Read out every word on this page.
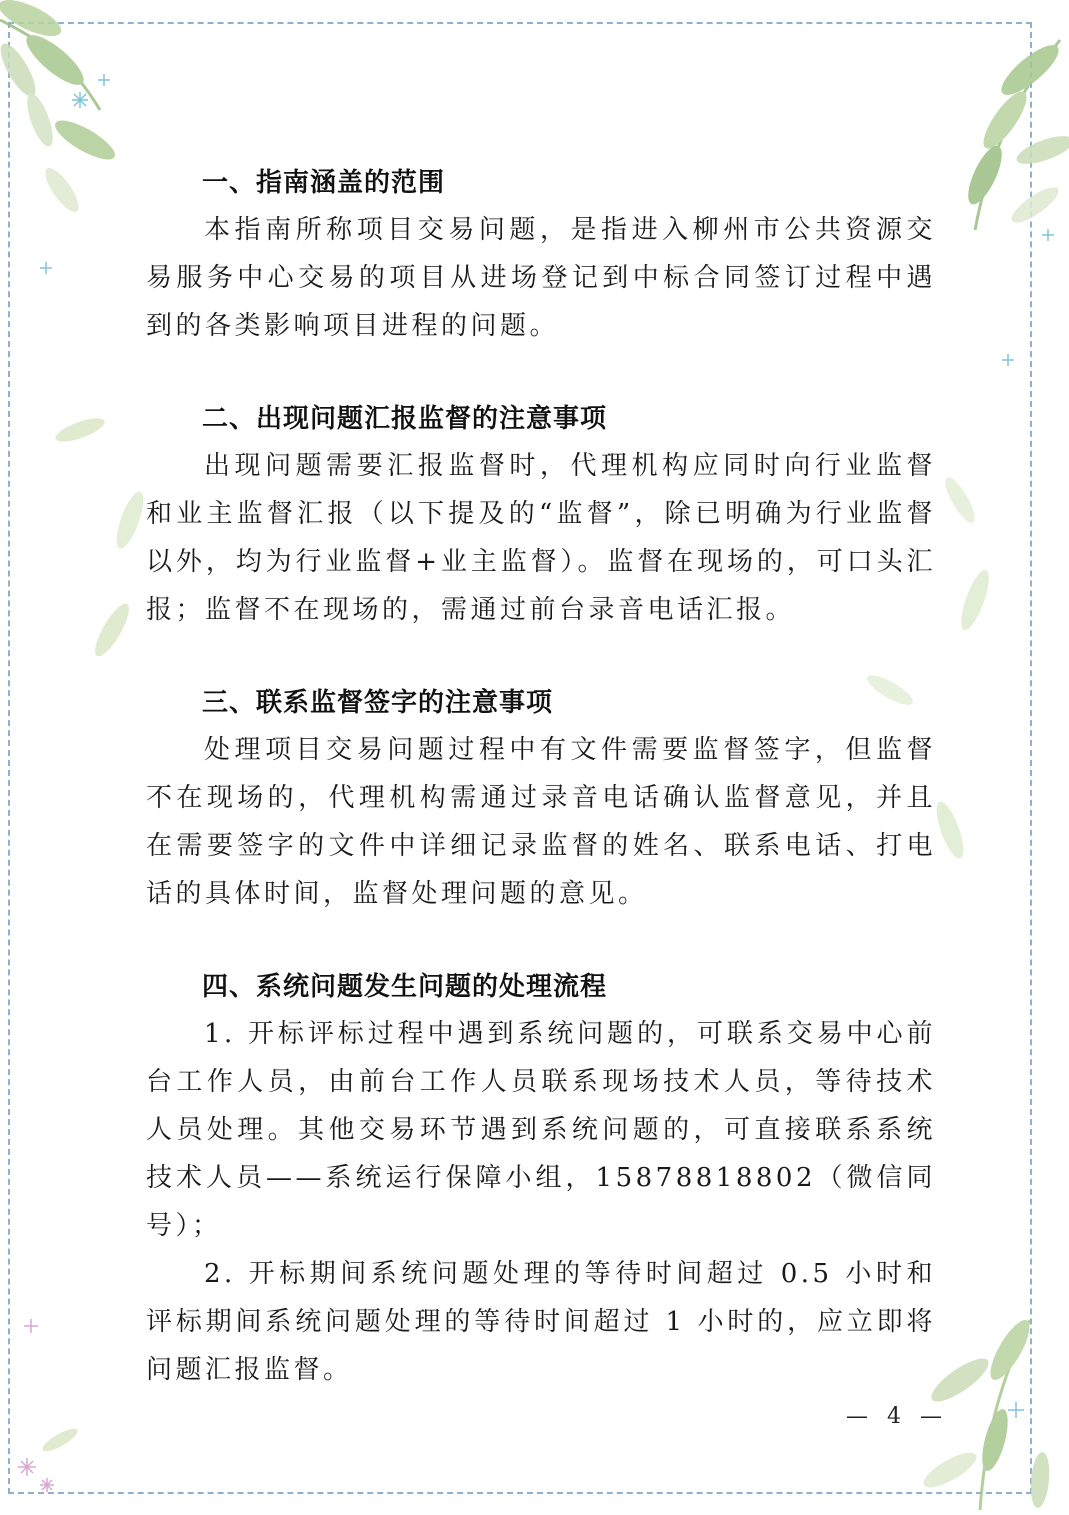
一、指南涵盖的范围

本指南所称项目交易问题，是指进入柳州市公共资源交易服务中心交易的项目从进场登记到中标合同签订过程中遇到的各类影响项目进程的问题。

二、出现问题汇报监督的注意事项

出现问题需要汇报监督时，代理机构应同时向行业监督和业主监督汇报（以下提及的“监督”，除已明确为行业监督以外，均为行业监督+业主监督）。监督在现场的，可口头汇报；监督不在现场的，需通过前台录音电话汇报。

三、联系监督签字的注意事项

处理项目交易问题过程中有文件需要监督签字，但监督不在现场的，代理机构需通过录音电话确认监督意见，并且在需要签字的文件中详细记录监督的姓名、联系电话、打电话的具体时间，监督处理问题的意见。

四、系统问题发生问题的处理流程

1. 开标评标过程中遇到系统问题的，可联系交易中心前台工作人员，由前台工作人员联系现场技术人员，等待技术人员处理。其他交易环节遇到系统问题的，可直接联系系统技术人员——系统运行保障小组，15878818802（微信同号）；

2. 开标期间系统问题处理的等待时间超过 0.5 小时和评标期间系统问题处理的等待时间超过 1 小时的，应立即将问题汇报监督。

— 4 —
